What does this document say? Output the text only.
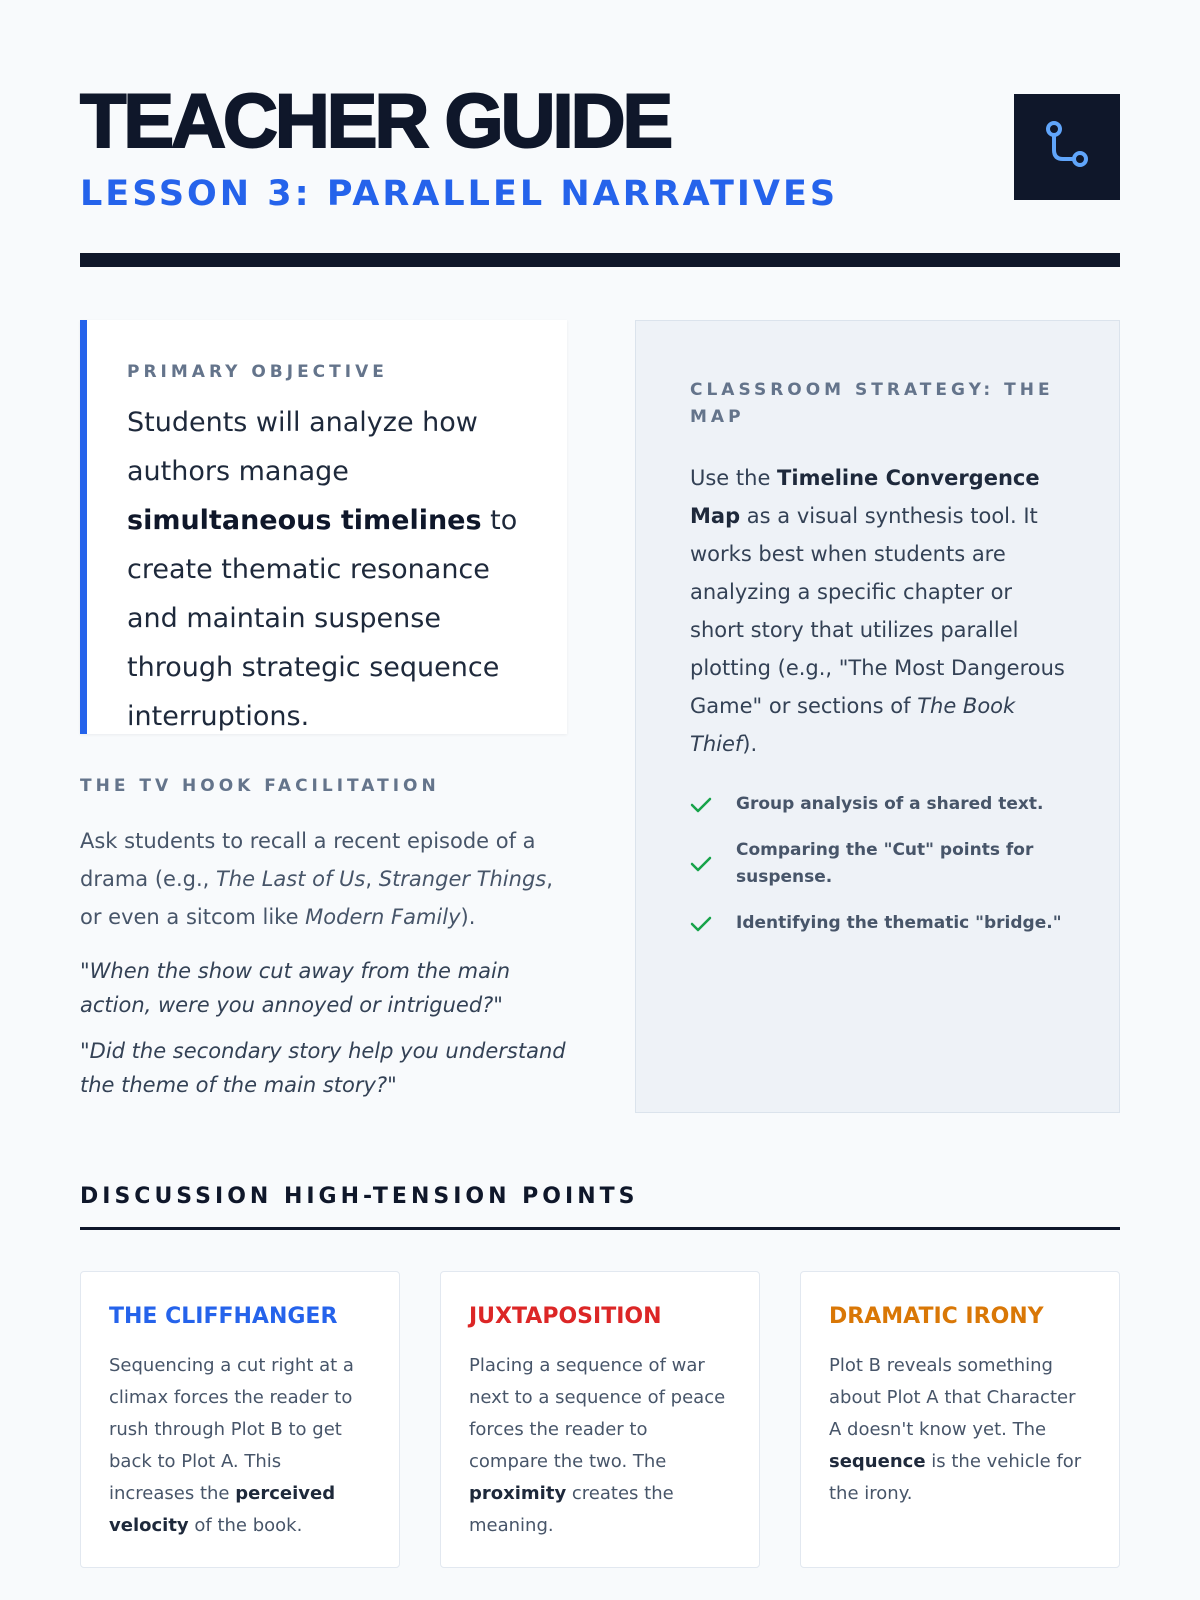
TEACHER GUIDE
LESSON 3: PARALLEL NARRATIVES
PRIMARY OBJECTIVE
Students will analyze how authors manage simultaneous timelines to create thematic resonance and maintain suspense through strategic sequence interruptions.
THE TV HOOK FACILITATION
Ask students to recall a recent episode of a drama (e.g., The Last of Us, Stranger Things, or even a sitcom like Modern Family).
"When the show cut away from the main action, were you annoyed or intrigued?"
"Did the secondary story help you understand the theme of the main story?"
CLASSROOM STRATEGY: THE MAP
Use the Timeline Convergence Map as a visual synthesis tool. It works best when students are analyzing a specific chapter or short story that utilizes parallel plotting (e.g., "The Most Dangerous Game" or sections of The Book Thief).
Group analysis of a shared text.
Comparing the "Cut" points for suspense.
Identifying the thematic "bridge."
DISCUSSION HIGH-TENSION POINTS
THE CLIFFHANGER

Sequencing a cut right at a climax forces the reader to rush through Plot B to get back to Plot A. This increases the perceived velocity of the book.

JUXTAPOSITION

Placing a sequence of war next to a sequence of peace forces the reader to compare the two. The proximity creates the meaning.

DRAMATIC IRONY

Plot B reveals something about Plot A that Character A doesn't know yet. The sequence is the vehicle for the irony.
